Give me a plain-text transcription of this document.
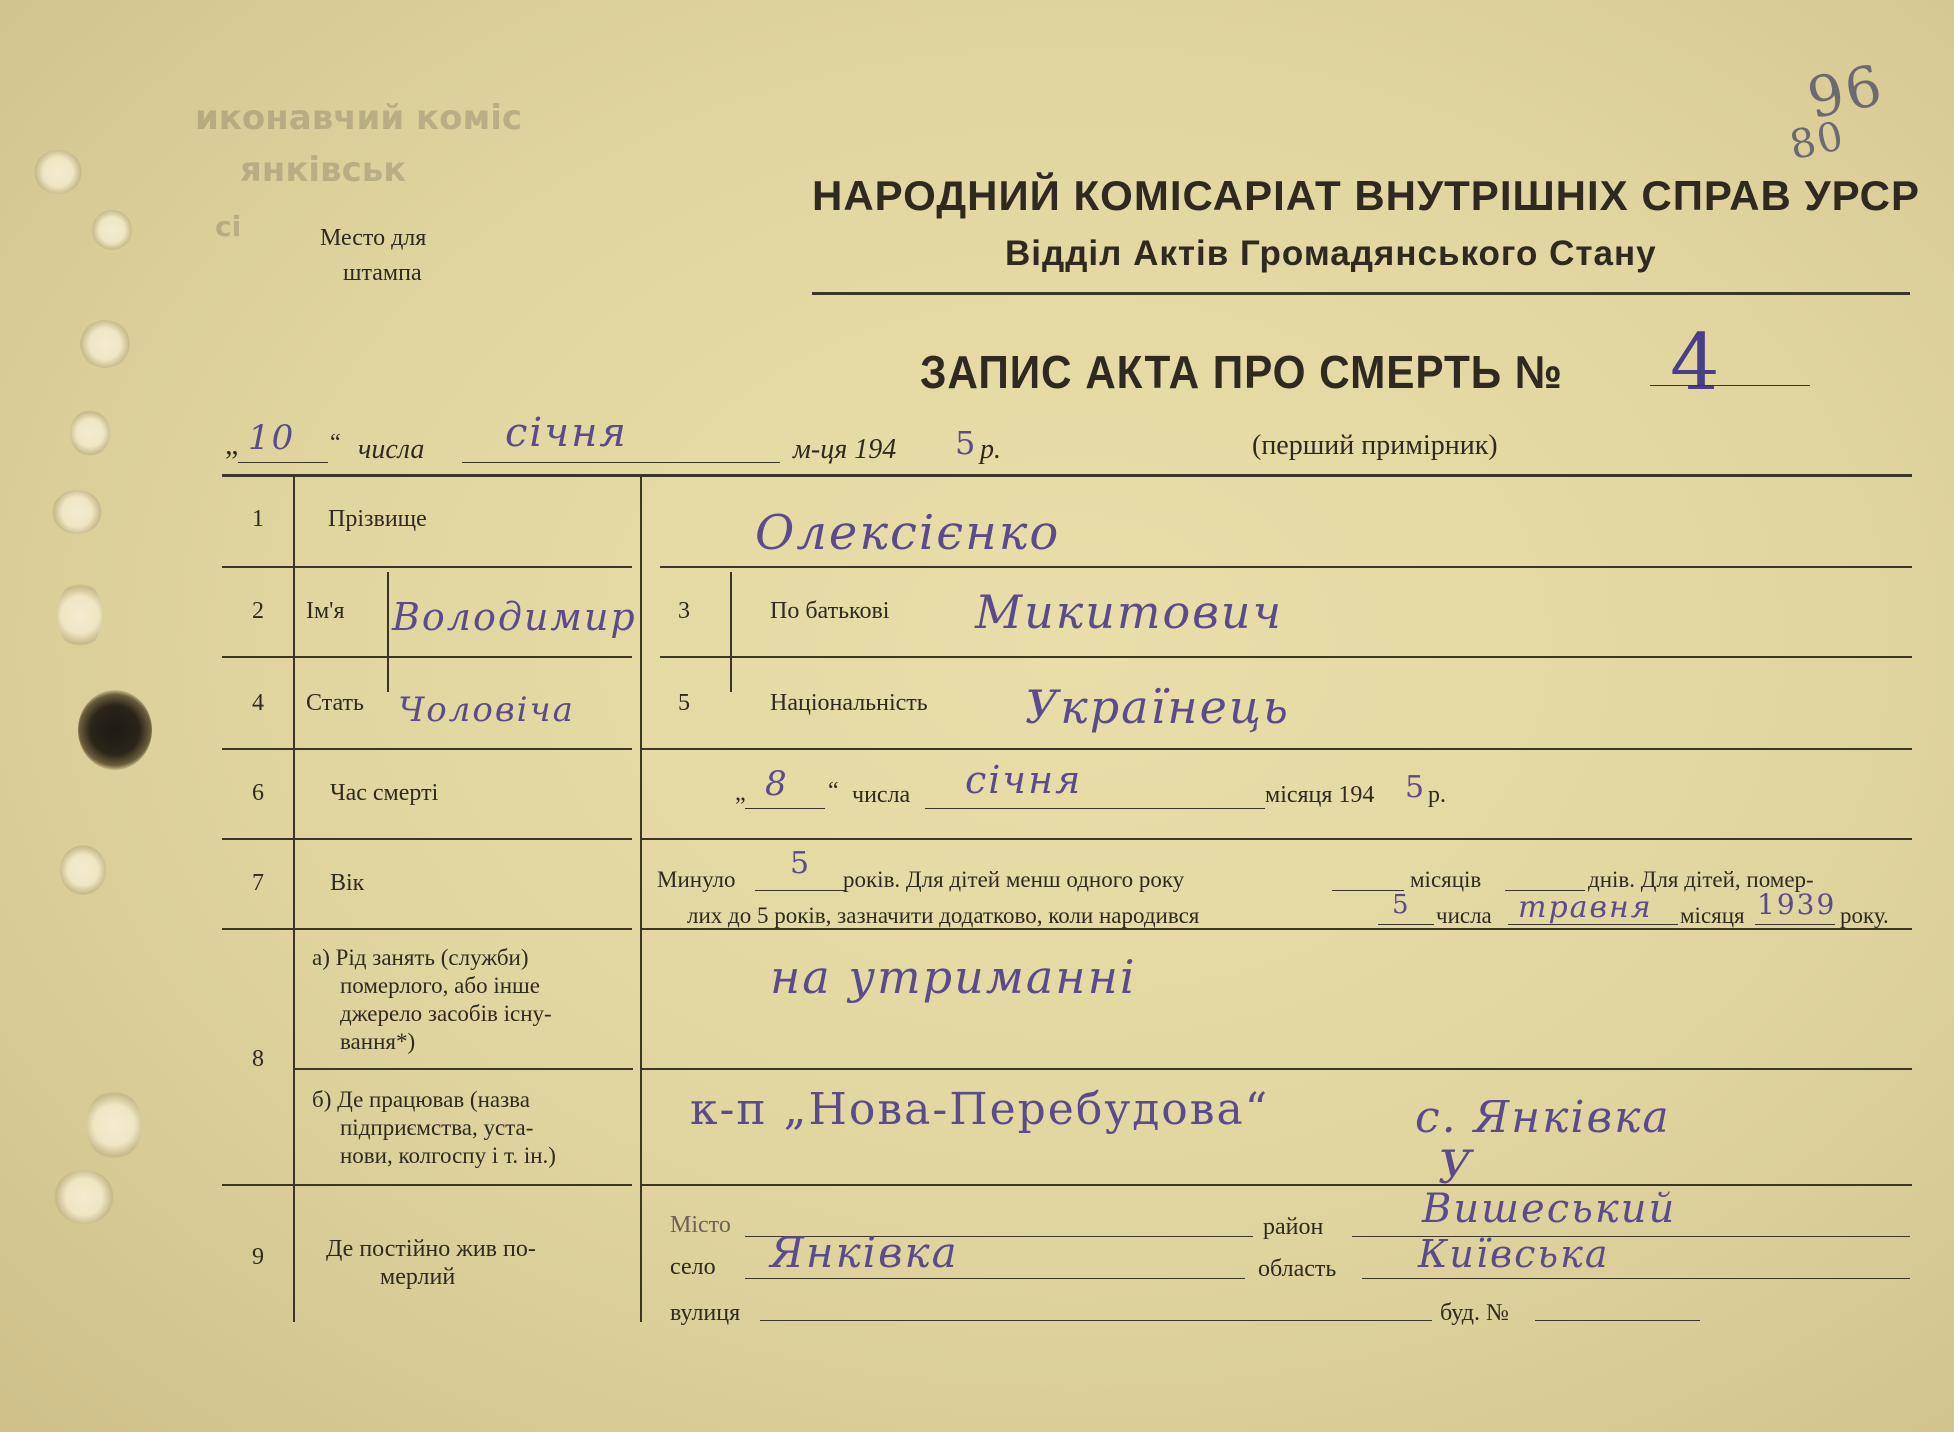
иконавчий коміс
янківськ
сі	Место для
штампа
96
80
НАРОДНИЙ КОМІСАРІАТ ВНУТРІШНІХ СПРАВ УРСР
Відділ Актів Громадянського Стану
ЗАПИС АКТА ПРО СМЕРТЬ № 4
„ 10 “ числа січня	м-ця 194 5 р.	(перший примірник)
1	Прізвище	Олексієнко
2	Ім'я Володимир	3	По батькові Микитович
4	Стать Чоловіча	5	Національність Українець
6	Час смерті	„ 8 “ числа січня	місяця 194 5 р.
7	Вік	Минуло 5 років. Для дітей менш одного року	місяців	днів. Для дітей, помер-
лих до 5 років, зазначити додатково, коли народився	5 числа травня місяця 1939 року.
8
а) Рід занять (служби)
померлого, або інше
джерело засобів існу-
вання*)
на утриманні
б) Де працював (назва
підприємства, уста-
нови, колгоспу і т. ін.)
к-п „Нова-Перебудова“	с. Янківка
9	Де постійно жив по-
мерлий
У
Місто	район Вишеський
село Янківка	область Київська
вулиця	буд. №
